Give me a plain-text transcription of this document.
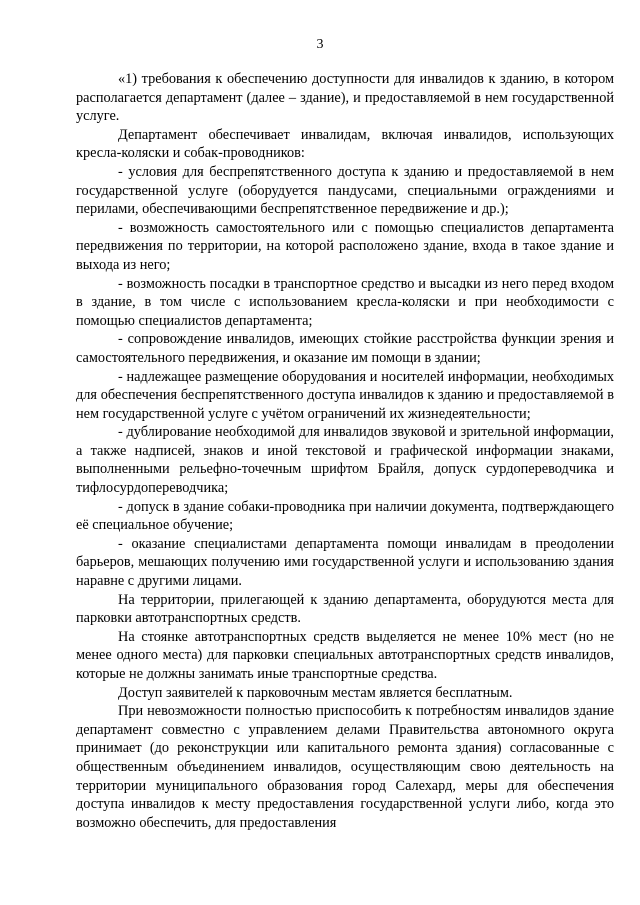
3

«1) требования к обеспечению доступности для инвалидов к зданию, в котором располагается департамент (далее – здание), и предоставляемой в нем государственной услуге.

Департамент обеспечивает инвалидам, включая инвалидов, использующих кресла-коляски и собак-проводников:

- условия для беспрепятственного доступа к зданию и предоставляемой в нем государственной услуге (оборудуется пандусами, специальными ограждениями и перилами, обеспечивающими беспрепятственное передвижение и др.);

- возможность самостоятельного или с помощью специалистов департамента передвижения по территории, на которой расположено здание, входа в такое здание и выхода из него;

- возможность посадки в транспортное средство и высадки из него перед входом в здание, в том числе с использованием кресла-коляски и при необходимости с помощью специалистов департамента;

- сопровождение инвалидов, имеющих стойкие расстройства функции зрения и самостоятельного передвижения, и оказание им помощи в здании;

- надлежащее размещение оборудования и носителей информации, необходимых для обеспечения беспрепятственного доступа инвалидов к зданию и предоставляемой в нем государственной услуге с учётом ограничений их жизнедеятельности;

- дублирование необходимой для инвалидов звуковой и зрительной информации, а также надписей, знаков и иной текстовой и графической информации знаками, выполненными рельефно-точечным шрифтом Брайля, допуск сурдопереводчика и тифлосурдопереводчика;

- допуск в здание собаки-проводника при наличии документа, подтверждающего её специальное обучение;

- оказание специалистами департамента помощи инвалидам в преодолении барьеров, мешающих получению ими государственной услуги и использованию здания наравне с другими лицами.

На территории, прилегающей к зданию департамента, оборудуются места для парковки автотранспортных средств.

На стоянке автотранспортных средств выделяется не менее 10% мест (но не менее одного места) для парковки специальных автотранспортных средств инвалидов, которые не должны занимать иные транспортные средства.

Доступ заявителей к парковочным местам является бесплатным.

При невозможности полностью приспособить к потребностям инвалидов здание департамент совместно с управлением делами Правительства автономного округа принимает (до реконструкции или капитального ремонта здания) согласованные с общественным объединением инвалидов, осуществляющим свою деятельность на территории муниципального образования город Салехард, меры для обеспечения доступа инвалидов к месту предоставления государственной услуги либо, когда это возможно обеспечить, для предоставления
